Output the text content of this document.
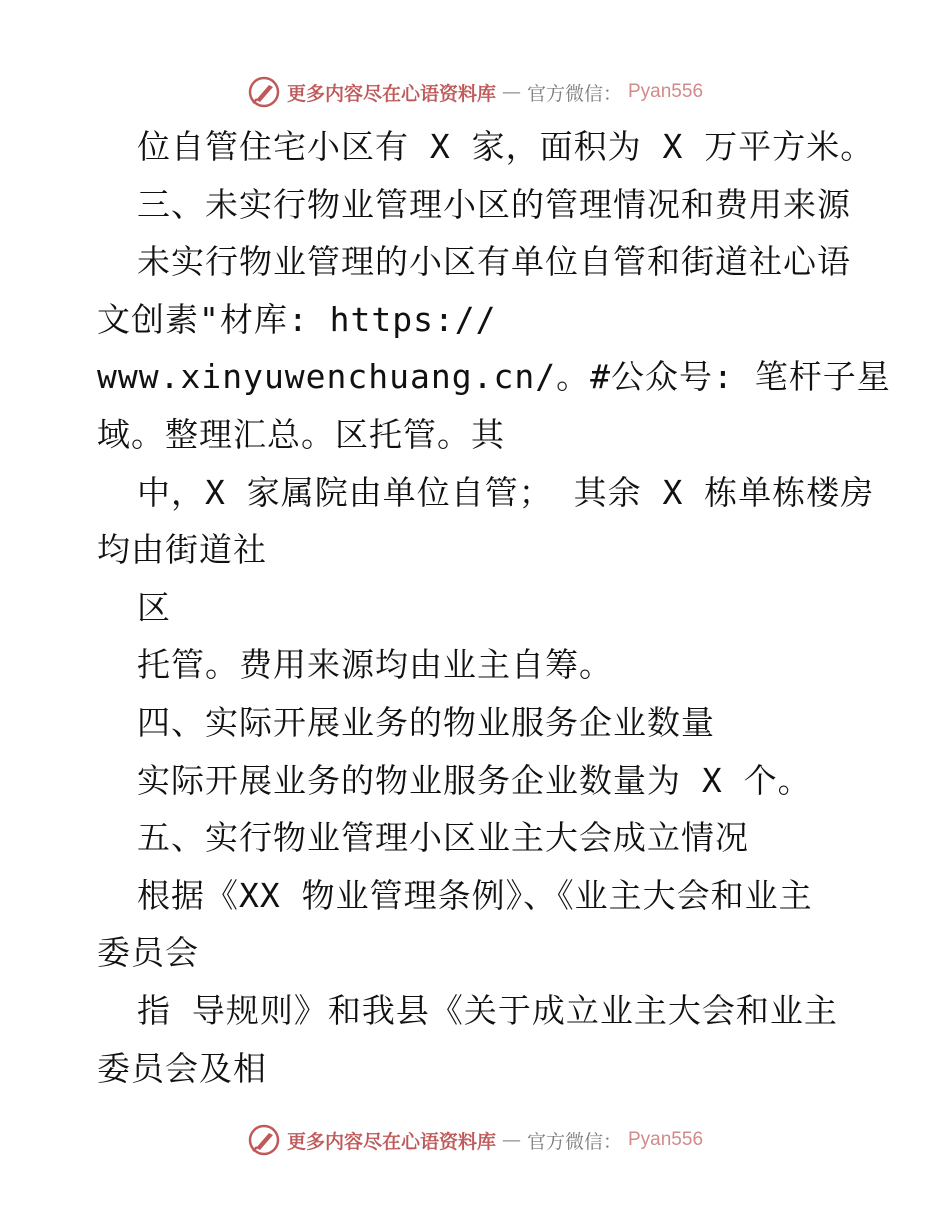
更多内容尽在心语资料库 — 官方微信： Pyan556
位自管住宅小区有 X 家，面积为 X 万平方米。
三、未实行物业管理小区的管理情况和费用来源
未实行物业管理的小区有单位自管和街道社心语
文创素"材库: https://
www.xinyuwenchuang.cn/。#公众号: 笔杆子星
域。整理汇总。区托管。其
中，X 家属院由单位自管； 其余 X 栋单栋楼房
均由街道社
区
托管。费用来源均由业主自筹。
四、实际开展业务的物业服务企业数量
实际开展业务的物业服务企业数量为 X 个。
五、实行物业管理小区业主大会成立情况
根据《XX 物业管理条例》、《业主大会和业主
委员会
指 导规则》和我县《关于成立业主大会和业主
委员会及相
更多内容尽在心语资料库 — 官方微信： Pyan556
